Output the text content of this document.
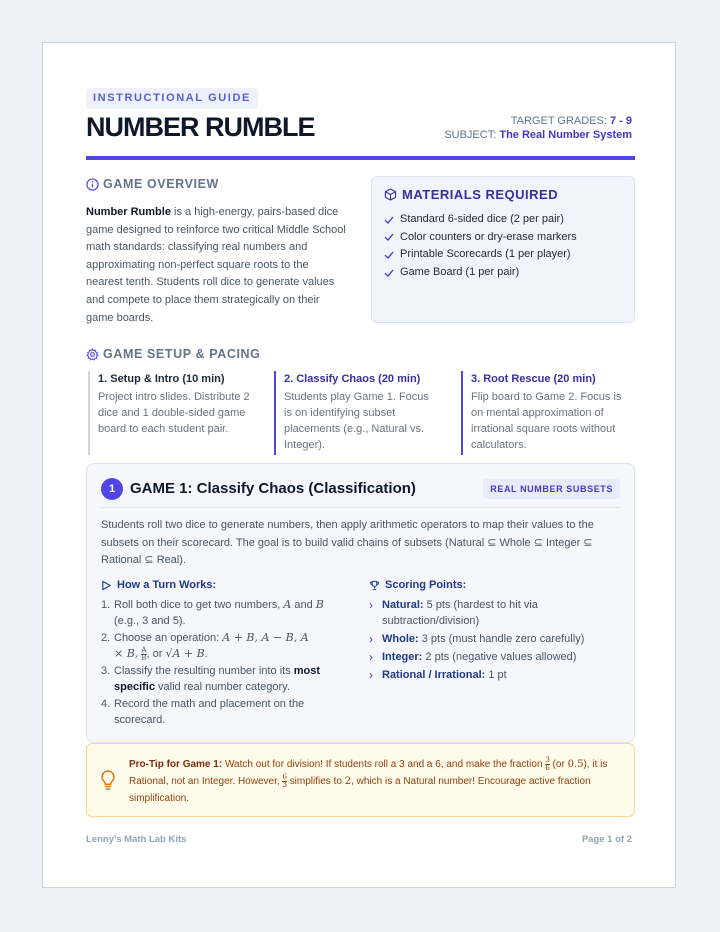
INSTRUCTIONAL GUIDE
NUMBER RUMBLE	TARGET GRADES: 7 - 9
SUBJECT: The Real Number System
GAME OVERVIEW
Number Rumble is a high-energy, pairs-based dice game designed to reinforce two critical Middle School math standards: classifying real numbers and approximating non-perfect square roots to the nearest tenth. Students roll dice to generate values and compete to place them strategically on their game boards.
MATERIALS REQUIRED
Standard 6-sided dice (2 per pair)
Color counters or dry-erase markers
Printable Scorecards (1 per player)
Game Board (1 per pair)
GAME SETUP & PACING
1. Setup & Intro (10 min)
Project intro slides. Distribute 2 dice and 1 double-sided game board to each student pair.
2. Classify Chaos (20 min)
Students play Game 1. Focus is on identifying subset placements (e.g., Natural vs. Integer).
3. Root Rescue (20 min)
Flip board to Game 2. Focus is on mental approximation of irrational square roots without calculators.
1 GAME 1: Classify Chaos (Classification)	REAL NUMBER SUBSETS
Students roll two dice to generate numbers, then apply arithmetic operators to map their values to the subsets on their scorecard. The goal is to build valid chains of subsets (Natural ⊆ Whole ⊆ Integer ⊆ Rational ⊆ Real).
How a Turn Works:
1. Roll both dice to get two numbers, A and B
(e.g., 3 and 5).
2. Choose an operation: A + B, A − B, A
× B, $\frac{A}{B}$ , or √A + B.
3. Classify the resulting number into its most specific valid real number category.
4. Record the math and placement on the scorecard.
Scoring Points:
› Natural: 5 pts (hardest to hit via subtraction/division)
› Whole: 3 pts (must handle zero carefully)
› Integer: 2 pts (negative values allowed)
› Rational / Irrational: 1 pt
Pro-Tip for Game 1: Watch out for division! If students roll a 3 and a 6, and make the fraction $\frac{3}{6} (or$ 0.5), it is Rational, not an Integer. However, $\frac{6}{3}$ simplifies to 2, which is a Natural number! Encourage active fraction simplification.
Lenny's Math Lab Kits	Page 1 of 2
